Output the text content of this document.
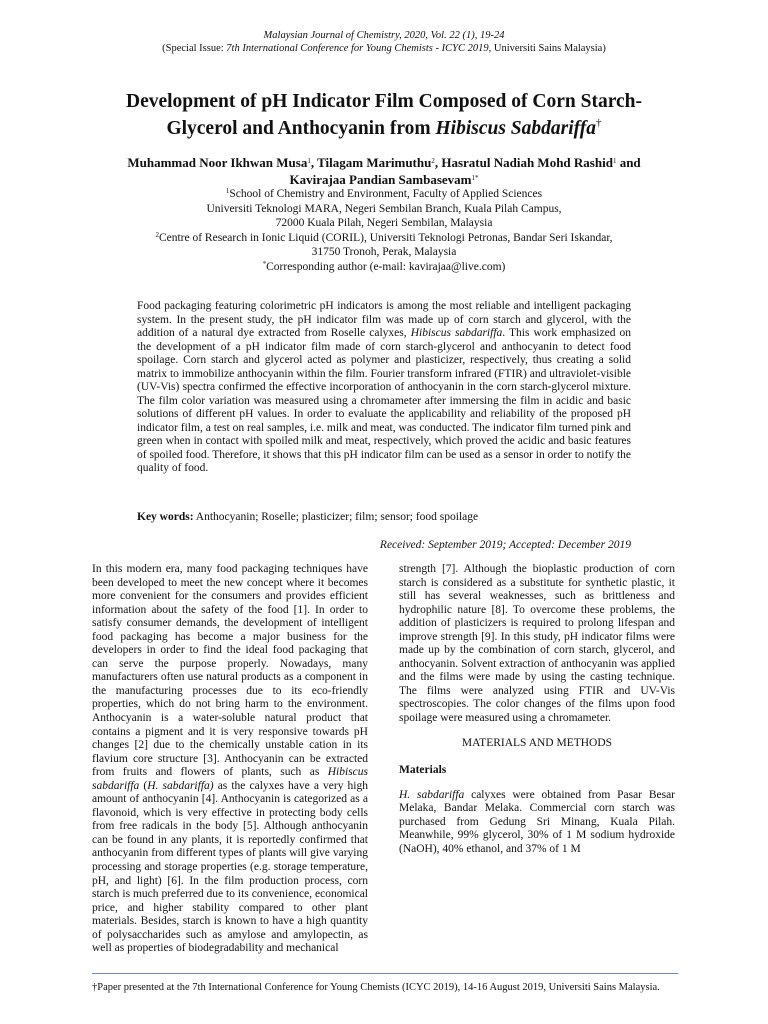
Malaysian Journal of Chemistry, 2020, Vol. 22 (1), 19-24
(Special Issue: 7th International Conference for Young Chemists - ICYC 2019, Universiti Sains Malaysia)
Development of pH Indicator Film Composed of Corn Starch-
Glycerol and Anthocyanin from Hibiscus Sabdariffa†
Muhammad Noor Ikhwan Musa$^1$, Tilagam Marimuthu$^2$, Hasratul Nadiah Mohd Rashid$^1$ and
Kavirajaa Pandian Sambasevam$^{1*}$
$^1$School of Chemistry and Environment, Faculty of Applied Sciences
Universiti Teknologi MARA, Negeri Sembilan Branch, Kuala Pilah Campus,
72000 Kuala Pilah, Negeri Sembilan, Malaysia
$^2$Centre of Research in Ionic Liquid (CORIL), Universiti Teknologi Petronas, Bandar Seri Iskandar,
31750 Tronoh, Perak, Malaysia
*Corresponding author (e-mail: kavirajaa@live.com)
Food packaging featuring colorimetric pH indicators is among the most reliable and intelligent packaging system. In the present study, the pH indicator film was made up of corn starch and glycerol, with the addition of a natural dye extracted from Roselle calyxes, Hibiscus sabdariffa. This work emphasized on the development of a pH indicator film made of corn starch-glycerol and anthocyanin to detect food spoilage. Corn starch and glycerol acted as polymer and plasticizer, respectively, thus creating a solid matrix to immobilize anthocyanin within the film. Fourier transform infrared (FTIR) and ultraviolet-visible (UV-Vis) spectra confirmed the effective incorporation of anthocyanin in the corn starch-glycerol mixture. The film color variation was measured using a chromameter after immersing the film in acidic and basic solutions of different pH values. In order to evaluate the applicability and reliability of the proposed pH indicator film, a test on real samples, i.e. milk and meat, was conducted. The indicator film turned pink and green when in contact with spoiled milk and meat, respectively, which proved the acidic and basic features of spoiled food. Therefore, it shows that this pH indicator film can be used as a sensor in order to notify the quality of food.
Key words: Anthocyanin; Roselle; plasticizer; film; sensor; food spoilage
Received: September 2019; Accepted: December 2019

In this modern era, many food packaging techniques have been developed to meet the new concept where it becomes more convenient for the consumers and provides efficient information about the safety of the food [1]. In order to satisfy consumer demands, the development of intelligent food packaging has become a major business for the developers in order to find the ideal food packaging that can serve the purpose properly. Nowadays, many manufacturers often use natural products as a component in the manufacturing processes due to its eco-friendly properties, which do not bring harm to the environment. Anthocyanin is a water-soluble natural product that contains a pigment and it is very responsive towards pH changes [2] due to the chemically unstable cation in its flavium core structure [3]. Anthocyanin can be extracted from fruits and flowers of plants, such as Hibiscus sabdariffa (H. sabdariffa) as the calyxes have a very high amount of anthocyanin [4]. Anthocyanin is categorized as a flavonoid, which is very effective in protecting body cells from free radicals in the body [5]. Although anthocyanin can be found in any plants, it is reportedly confirmed that anthocyanin from different types of plants will give varying processing and storage properties (e.g. storage temperature, pH, and light) [6]. In the film production process, corn starch is much preferred due to its convenience, economical price, and higher stability compared to other plant materials. Besides, starch is known to have a high quantity of polysaccharides such as amylose and amylopectin, as well as properties of biodegradability and mechanical

strength [7]. Although the bioplastic production of corn starch is considered as a substitute for synthetic plastic, it still has several weaknesses, such as brittleness and hydrophilic nature [8]. To overcome these problems, the addition of plasticizers is required to prolong lifespan and improve strength [9]. In this study, pH indicator films were made up by the combination of corn starch, glycerol, and anthocyanin. Solvent extraction of anthocyanin was applied and the films were made by using the casting technique. The films were analyzed using FTIR and UV-Vis spectroscopies. The color changes of the films upon food spoilage were measured using a chromameter.

MATERIALS AND METHODS

Materials

H. sabdariffa calyxes were obtained from Pasar Besar Melaka, Bandar Melaka. Commercial corn starch was purchased from Gedung Sri Minang, Kuala Pilah. Meanwhile, 99% glycerol, 30% of 1 M sodium hydroxide (NaOH), 40% ethanol, and 37% of 1 M

†Paper presented at the 7th International Conference for Young Chemists (ICYC 2019), 14-16 August 2019, Universiti Sains Malaysia.
